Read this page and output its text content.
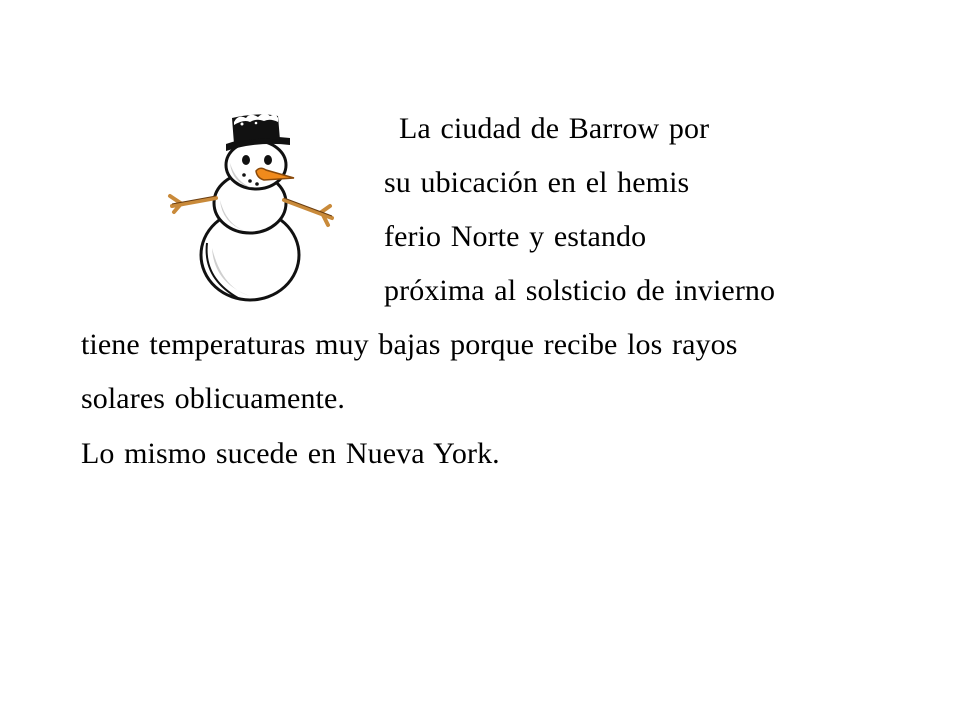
La ciudad de Barrow por
su ubicación en el hemis
ferio Norte y estando
próxima al solsticio de invierno
tiene temperaturas muy bajas porque recibe los rayos
solares oblicuamente.
Lo mismo sucede en Nueva York.
